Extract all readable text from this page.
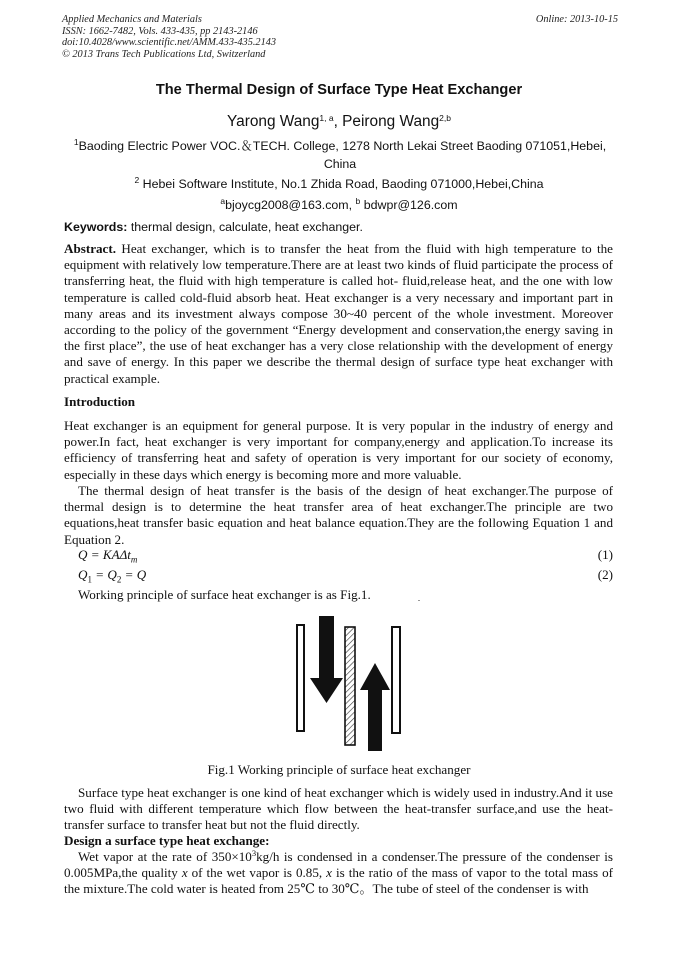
Applied Mechanics and Materials
ISSN: 1662-7482, Vols. 433-435, pp 2143-2146
doi:10.4028/www.scientific.net/AMM.433-435.2143
© 2013 Trans Tech Publications Ltd, Switzerland
Online: 2013-10-15
The Thermal Design of Surface Type Heat Exchanger
Yarong Wang$^{1, a}$, Peirong Wang$^{2,b}$
$^1$Baoding Electric Power VOC.＆TECH. College, 1278 North Lekai Street Baoding 071051,Hebei, China
$^2$ Hebei Software Institute, No.1 Zhida Road, Baoding 071000,Hebei,China
$^a$bjoycg2008@163.com, $^b$ bdwpr@126.com
Keywords: thermal design, calculate, heat exchanger.
Abstract. Heat exchanger, which is to transfer the heat from the fluid with high temperature to the equipment with relatively low temperature.There are at least two kinds of fluid participate the process of transferring heat, the fluid with high temperature is called hot- fluid,release heat, and the one with low temperature is called cold-fluid absorb heat. Heat exchanger is a very necessary and important part in many areas and its investment always compose 30~40 percent of the whole investment. Moreover according to the policy of the government “Energy development and conservation,the energy saving in the first place”, the use of heat exchanger has a very close relationship with the development of energy and save of energy. In this paper we describe the thermal design of surface type heat exchanger with practical example.
Introduction
Heat exchanger is an equipment for general purpose. It is very popular in the industry of energy and power.In fact, heat exchanger is very important for company,energy and application.To increase its efficiency of transferring heat and safety of operation is very important for our society of economy, especially in these days which energy is becoming more and more valuable.
The thermal design of heat transfer is the basis of the design of heat exchanger.The purpose of thermal design is to determine the heat transfer area of heat exchanger.The principle are two equations,heat transfer basic equation and heat balance equation.They are the following Equation 1 and Equation 2.
Q = KAΔt$_m$	(1)
$Q_1 = Q_2 = Q$	(2)
Working principle of surface heat exchanger is as Fig.1.
Fig.1 Working principle of surface heat exchanger
Surface type heat exchanger is one kind of heat exchanger which is widely used in industry.And it use two fluid with different temperature which flow between the heat-transfer surface,and use the heat-transfer surface to transfer heat but not the fluid directly.
Design a surface type heat exchange:
Wet vapor at the rate of $350\times 10^3kg/h$ is condensed in a condenser.The pressure of the condenser is 0.005MPa,the quality x of the wet vapor is 0.85, x is the ratio of the mass of vapor to the total mass of the mixture.The cold water is heated from 25℃ to 30℃。The tube of steel of the condenser is with
